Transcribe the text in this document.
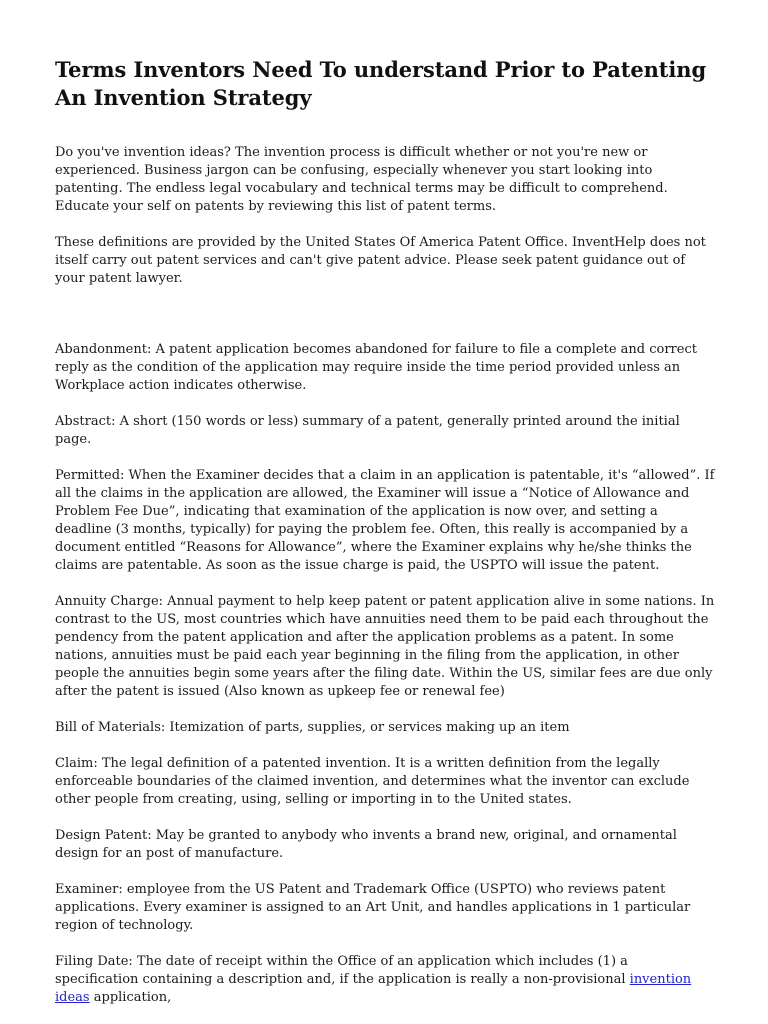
Terms Inventors Need To understand Prior to Patenting An Invention Strategy

Do you've invention ideas? The invention process is difficult whether or not you're new or experienced. Business jargon can be confusing, especially whenever you start looking into patenting. The endless legal vocabulary and technical terms may be difficult to comprehend. Educate your self on patents by reviewing this list of patent terms.

These definitions are provided by the United States Of America Patent Office. InventHelp does not itself carry out patent services and can't give patent advice. Please seek patent guidance out of your patent lawyer.

Abandonment: A patent application becomes abandoned for failure to file a complete and correct reply as the condition of the application may require inside the time period provided unless an Workplace action indicates otherwise.

Abstract: A short (150 words or less) summary of a patent, generally printed around the initial page.

Permitted: When the Examiner decides that a claim in an application is patentable, it's “allowed”. If all the claims in the application are allowed, the Examiner will issue a “Notice of Allowance and Problem Fee Due”, indicating that examination of the application is now over, and setting a deadline (3 months, typically) for paying the problem fee. Often, this really is accompanied by a document entitled “Reasons for Allowance”, where the Examiner explains why he/she thinks the claims are patentable. As soon as the issue charge is paid, the USPTO will issue the patent.

Annuity Charge: Annual payment to help keep patent or patent application alive in some nations. In contrast to the US, most countries which have annuities need them to be paid each throughout the pendency from the patent application and after the application problems as a patent. In some nations, annuities must be paid each year beginning in the filing from the application, in other people the annuities begin some years after the filing date. Within the US, similar fees are due only after the patent is issued (Also known as upkeep fee or renewal fee)

Bill of Materials: Itemization of parts, supplies, or services making up an item

Claim: The legal definition of a patented invention. It is a written definition from the legally enforceable boundaries of the claimed invention, and determines what the inventor can exclude other people from creating, using, selling or importing in to the United states.

Design Patent: May be granted to anybody who invents a brand new, original, and ornamental design for an post of manufacture.

Examiner: employee from the US Patent and Trademark Office (USPTO) who reviews patent applications. Every examiner is assigned to an Art Unit, and handles applications in 1 particular region of technology.

Filing Date: The date of receipt within the Office of an application which includes (1) a specification containing a description and, if the application is really a non-provisional invention ideas application,
